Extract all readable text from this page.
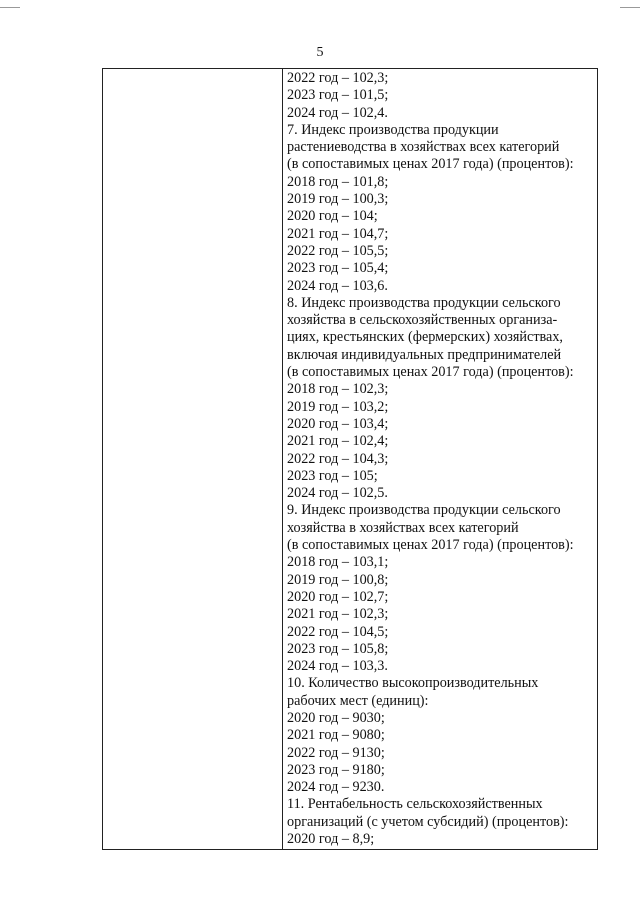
5
2022 год – 102,3;
2023 год – 101,5;
2024 год – 102,4.
7. Индекс производства продукции
растениеводства в хозяйствах всех категорий
(в сопоставимых ценах 2017 года) (процентов):
2018 год – 101,8;
2019 год – 100,3;
2020 год – 104;
2021 год – 104,7;
2022 год – 105,5;
2023 год – 105,4;
2024 год – 103,6.
8. Индекс производства продукции сельского
хозяйства в сельскохозяйственных организа-
циях, крестьянских (фермерских) хозяйствах,
включая индивидуальных предпринимателей
(в сопоставимых ценах 2017 года) (процентов):
2018 год – 102,3;
2019 год – 103,2;
2020 год – 103,4;
2021 год – 102,4;
2022 год – 104,3;
2023 год – 105;
2024 год – 102,5.
9. Индекс производства продукции сельского
хозяйства в хозяйствах всех категорий
(в сопоставимых ценах 2017 года) (процентов):
2018 год – 103,1;
2019 год – 100,8;
2020 год – 102,7;
2021 год – 102,3;
2022 год – 104,5;
2023 год – 105,8;
2024 год – 103,3.
10. Количество высокопроизводительных
рабочих мест (единиц):
2020 год – 9030;
2021 год – 9080;
2022 год – 9130;
2023 год – 9180;
2024 год – 9230.
11. Рентабельность сельскохозяйственных
организаций (с учетом субсидий) (процентов):
2020 год – 8,9;
